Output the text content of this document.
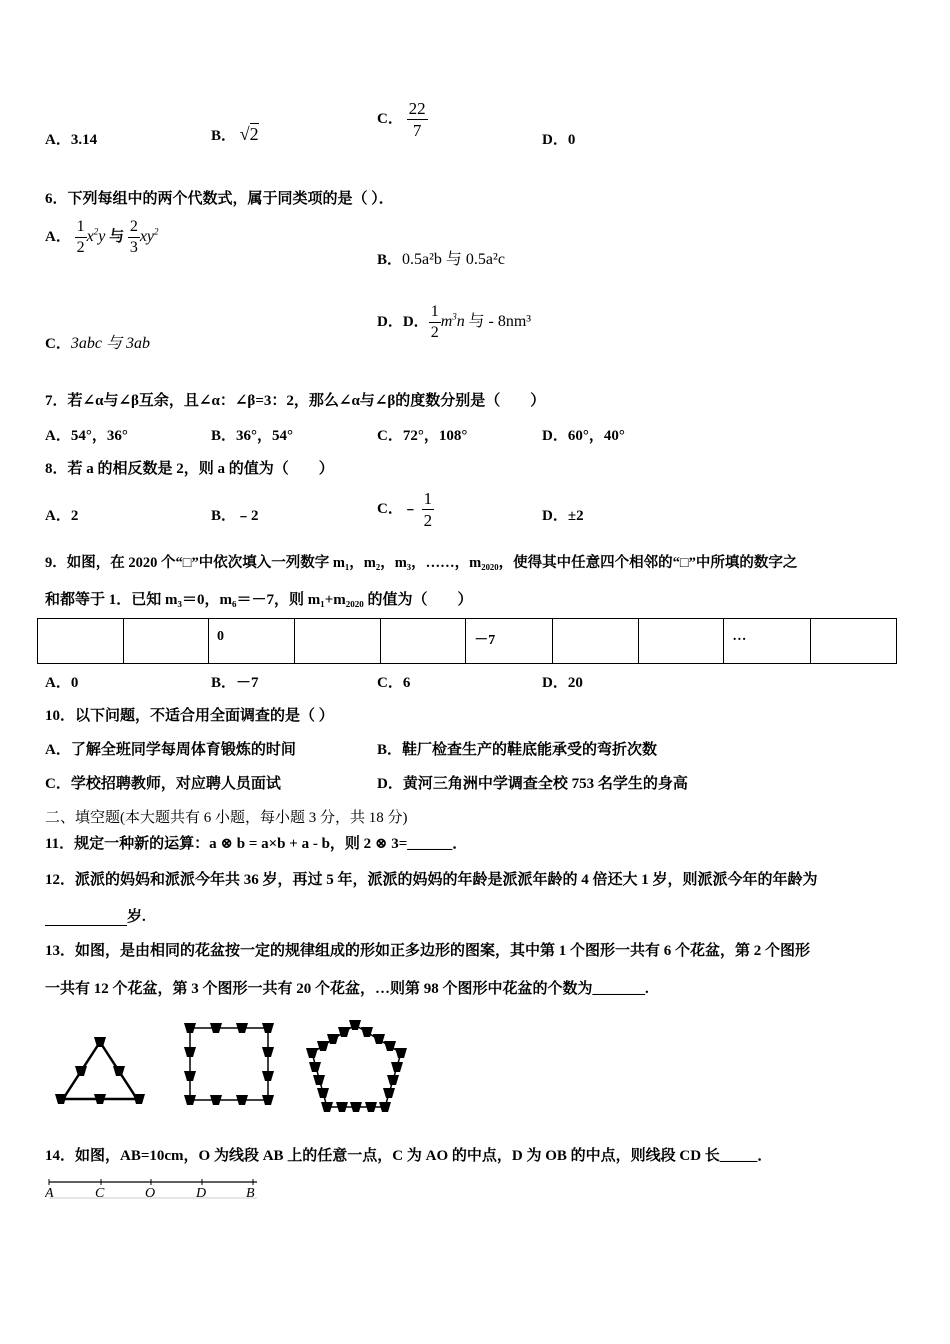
A．3.14	B． √2
C． $\frac{22}{7}$
D．0
6．下列每组中的两个代数式，属于同类项的是（ ）．
A． $\frac{1}{2} x^2y$ 与 $\frac{2}{3} xy^2$
B．0.5a²b 与 0.5a²c
C．3abc 与 3ab
D．D． $\frac{1}{2} m^3n$ 与 - 8nm³
7．若∠α与∠β互余，且∠α：∠β=3：2，那么∠α与∠β的度数分别是（　　）
A．54°，36°	B．36°，54°	C．72°，108°	D．60°，40°
8．若 a 的相反数是 2，则 a 的值为（　　）
A．2	B．﹣2	C．﹣ $\frac{1}{2}$	D．±2
9．如图，在 2020 个“□”中依次填入一列数字 m₁，m₂，m₃，……，m₂₀₂₀，使得其中任意四个相邻的“□”中所填的数字之
和都等于 1．已知 m₃＝0，m₆＝－7，则 m₁+m₂₀₂₀ 的值为（　　）
		0			－7			…	
A．0	B．－7	C．6	D．20
10．以下问题，不适合用全面调查的是（ ）
A．了解全班同学每周体育锻炼的时间	B．鞋厂检查生产的鞋底能承受的弯折次数
C．学校招聘教师，对应聘人员面试	D．黄河三角洲中学调查全校 753 名学生的身高
二、填空题(本大题共有 6 小题，每小题 3 分，共 18 分)
11．规定一种新的运算：a ⊗ b = a×b + a - b，则 2 ⊗ 3=______．
12．派派的妈妈和派派今年共 36 岁，再过 5 年，派派的妈妈的年龄是派派年龄的 4 倍还大 1 岁，则派派今年的年龄为
岁.
13．如图，是由相同的花盆按一定的规律组成的形如正多边形的图案，其中第 1 个图形一共有 6 个花盆，第 2 个图形
一共有 12 个花盆，第 3 个图形一共有 20 个花盆，…则第 98 个图形中花盆的个数为_______.
14．如图，AB=10cm，O 为线段 AB 上的任意一点，C 为 AO 的中点，D 为 OB 的中点，则线段 CD 长_____．
A	C	O	D	B
